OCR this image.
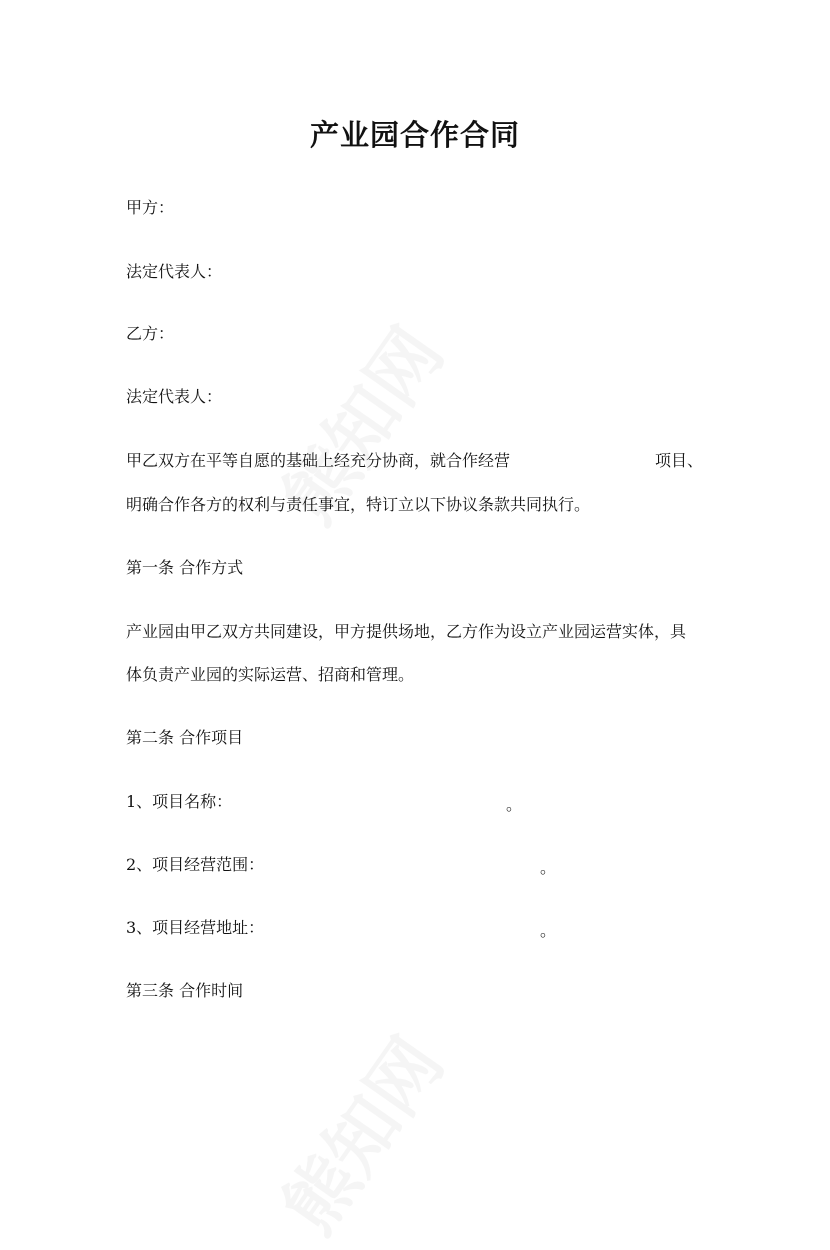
产业园合作合同

甲方：

法定代表人：

乙方：

法定代表人：

甲乙双方在平等自愿的基础上经充分协商，就合作经营	项目、

明确合作各方的权利与责任事宜，特订立以下协议条款共同执行。

第一条 合作方式

产业园由甲乙双方共同建设，甲方提供场地，乙方作为设立产业园运营实体，具

体负责产业园的实际运营、招商和管理。

第二条 合作项目

1、项目名称：	。

2、项目经营范围：	。

3、项目经营地址：	。

第三条 合作时间
